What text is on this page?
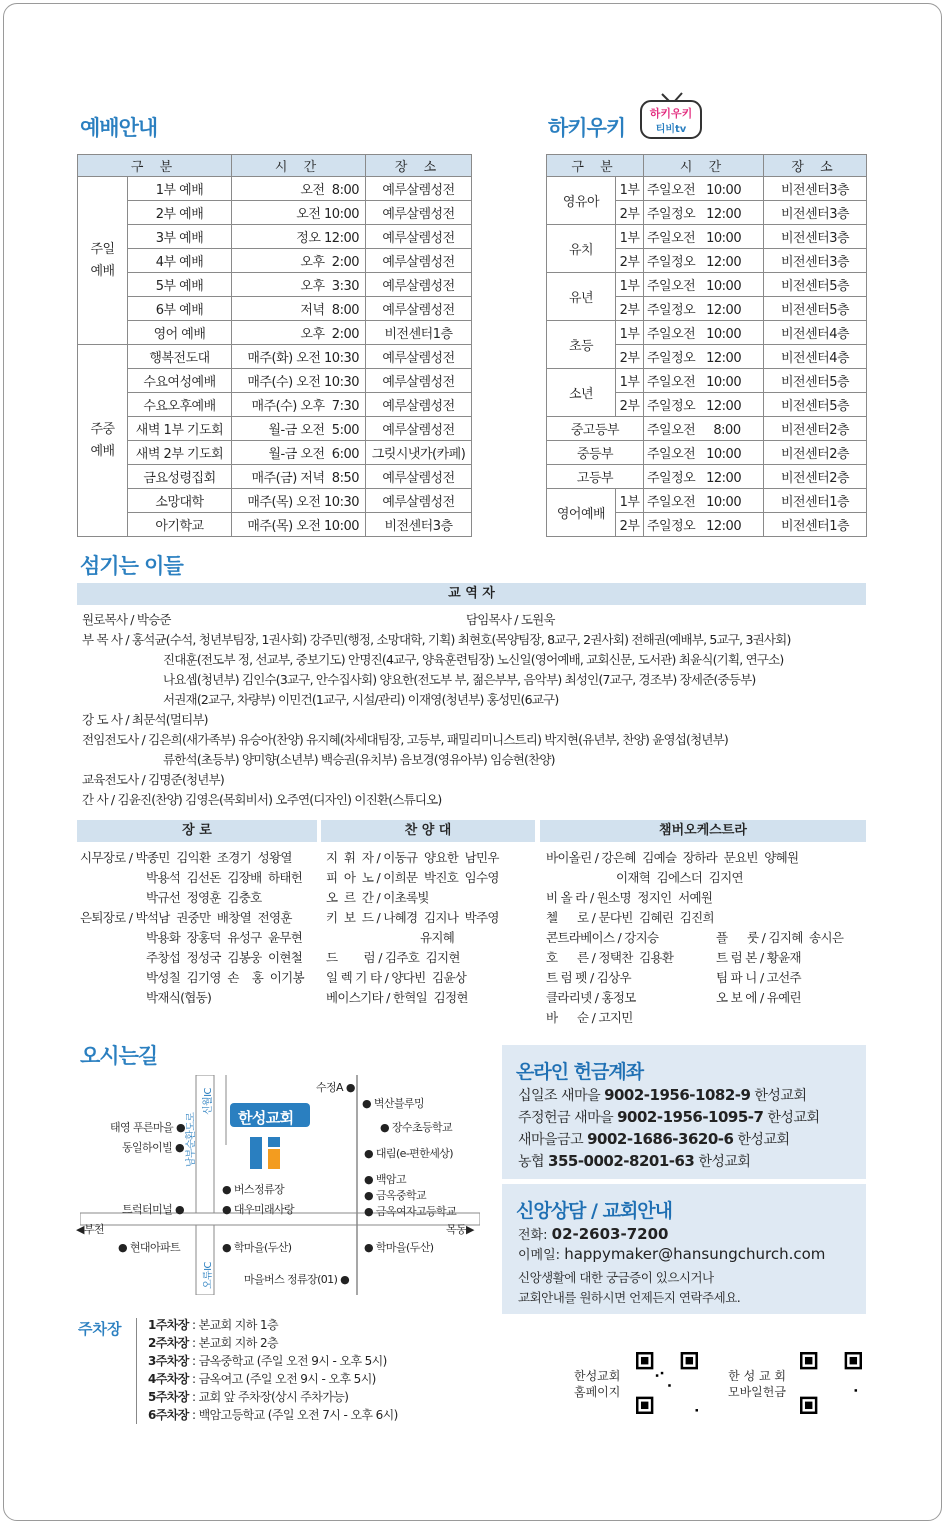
예배안내
구 분		시 간	장 소
주일
예배	1부 예배	오전  8:00	예루살렘성전
	2부 예배	오전 10:00	예루살렘성전
	3부 예배	정오 12:00	예루살렘성전
	4부 예배	오후  2:00	예루살렘성전
	5부 예배	오후  3:30	예루살렘성전
	6부 예배	저녁  8:00	예루살렘성전
	영어 예배	오후  2:00	비전센터1층
주중
예배	행복전도대	매주(화) 오전 10:30	예루살렘성전
	수요여성예배	매주(수) 오전 10:30	예루살렘성전
	수요오후예배	매주(수) 오후  7:30	예루살렘성전
	새벽 1부 기도회	월-금 오전  5:00	예루살렘성전
	새벽 2부 기도회	월-금 오전  6:00	그릿시냇가(카페)
	금요성령집회	매주(금) 저녁  8:50	예루살렘성전
	소망대학	매주(목) 오전 10:30	예루살렘성전
	아기학교	매주(목) 오전 10:00	비전센터3층
하키우키
하키우키
티비tv
구 분		시 간	장 소
영유아	1부	주일오전   10:00	비전센터3층
	2부	주일정오   12:00	비전센터3층
유치	1부	주일오전   10:00	비전센터3층
	2부	주일정오   12:00	비전센터3층
유년	1부	주일오전   10:00	비전센터5층
	2부	주일정오   12:00	비전센터5층
초등	1부	주일오전   10:00	비전센터4층
	2부	주일정오   12:00	비전센터4층
소년	1부	주일오전   10:00	비전센터5층
	2부	주일정오   12:00	비전센터5층
중고등부		주일오전     8:00	비전센터2층
중등부		주일오전   10:00	비전센터2층
고등부		주일정오   12:00	비전센터2층
영어예배	1부	주일오전   10:00	비전센터1층
	2부	주일정오   12:00	비전센터1층
섬기는 이들
교 역 자
원로목사 / 박승준	담임목사 / 도원욱
부 목 사 / 홍석균(수석, 청년부팀장, 1권사회) 강주민(행정, 소망대학, 기획) 최현호(목양팀장, 8교구, 2권사회) 전해권(예배부, 5교구, 3권사회)
진대훈(전도부 정, 선교부, 중보기도) 안명진(4교구, 양육훈련팀장) 노신일(영어예배, 교회신문, 도서관) 최윤식(기획, 연구소)
나요셉(청년부) 김인수(3교구, 안수집사회) 양요한(전도부 부, 젊은부부, 음악부) 최성인(7교구, 경조부) 장세준(중등부)
서권재(2교구, 차량부) 이민건(1교구, 시설/관리) 이재영(청년부) 홍성민(6교구)
강 도 사 / 최문석(멀티부)
전임전도사 / 김은희(새가족부) 유승아(찬양) 유지혜(차세대팀장, 고등부, 패밀리미니스트리) 박지현(유년부, 찬양) 윤영섭(청년부)
류한석(초등부) 양미향(소년부) 백승권(유치부) 음보경(영유아부) 임승현(찬양)
교육전도사 / 김명준(청년부)
간 사 / 김윤진(찬양) 김영은(목회비서) 오주연(디자인) 이진환(스튜디오)
장 로	찬 양 대	챔버오케스트라
시무장로 / 박종민  김익환  조경기  성왕열
박용석  김선돈  김장배  하태헌
박규선  정영훈  김충호
은퇴장로 / 박석남  권중만  배창열  전영훈
박용화  장홍덕  유성구  윤무현
주창섭  정성국  김봉웅  이현철
박성칠  김기영  손    홍  이기봉
박재식(협동)
지  휘  자 / 이동규  양요한  남민우
피  아  노 / 이희문  박진호  임수영
오  르  간 / 이초록빛
키  보  드 / 나혜경  김지나  박주영
유지혜
드        럼 / 김주호  김지현
일 렉 기 타 / 양다빈  김윤상
베이스기타 / 한혁일  김정현
바이올린 / 강은혜  김예슬  장하라  문요빈  양혜원
이재혁  김에스더  김지연
비 올 라 / 원소명  정지인  서예원
첼      로 / 문다빈  김혜린  김진희
콘트라베이스 / 강지승	플      룻 / 김지혜  송시은
호      른 / 정택찬  김용환	트 럼 본 / 황윤재
트 럼 펫 / 김상우	팀 파 니 / 고선주
클라리넷 / 홍정모	오 보 에 / 유예린
바      순 / 고지민
오시는길
한성교회
수정A ●
● 벽산블루밍
● 장수초등학교
● 대림(e-편한세상)
● 백암고
● 금옥중학교
● 금옥여자고등학교
태영 푸른마을 ●
동일하이빌 ●
트럭터미널 ●
◀부천	목동▶
● 현대아파트	● 학마을(두산)	● 학마을(두산)
● 버스정류장
● 대우미래사랑
마을버스 정류장(01) ●
남부순환도로
신월IC
오류IC
주차장 1주차장 : 본교회 지하 1층
2주차장 : 본교회 지하 2층
3주차장 : 금옥중학교 (주일 오전 9시 - 오후 5시)
4주차장 : 금옥여고 (주일 오전 9시 - 오후 5시)
5주차장 : 교회 앞 주차장(상시 주차가능)
6주차장 : 백암고등학교 (주일 오전 7시 - 오후 6시)
온라인 헌금계좌
십일조 새마을 9002-1956-1082-9 한성교회
주정헌금 새마을 9002-1956-1095-7 한성교회
새마을금고 9002-1686-3620-6 한성교회
농협 355-0002-8201-63 한성교회
신앙상담 / 교회안내
전화: 02-2603-7200
이메일: happymaker@hansungchurch.com
신앙생활에 대한 궁금증이 있으시거나
교회안내를 원하시면 언제든지 연락주세요.
한성교회
홈페이지
한 성 교 회
모바일헌금
